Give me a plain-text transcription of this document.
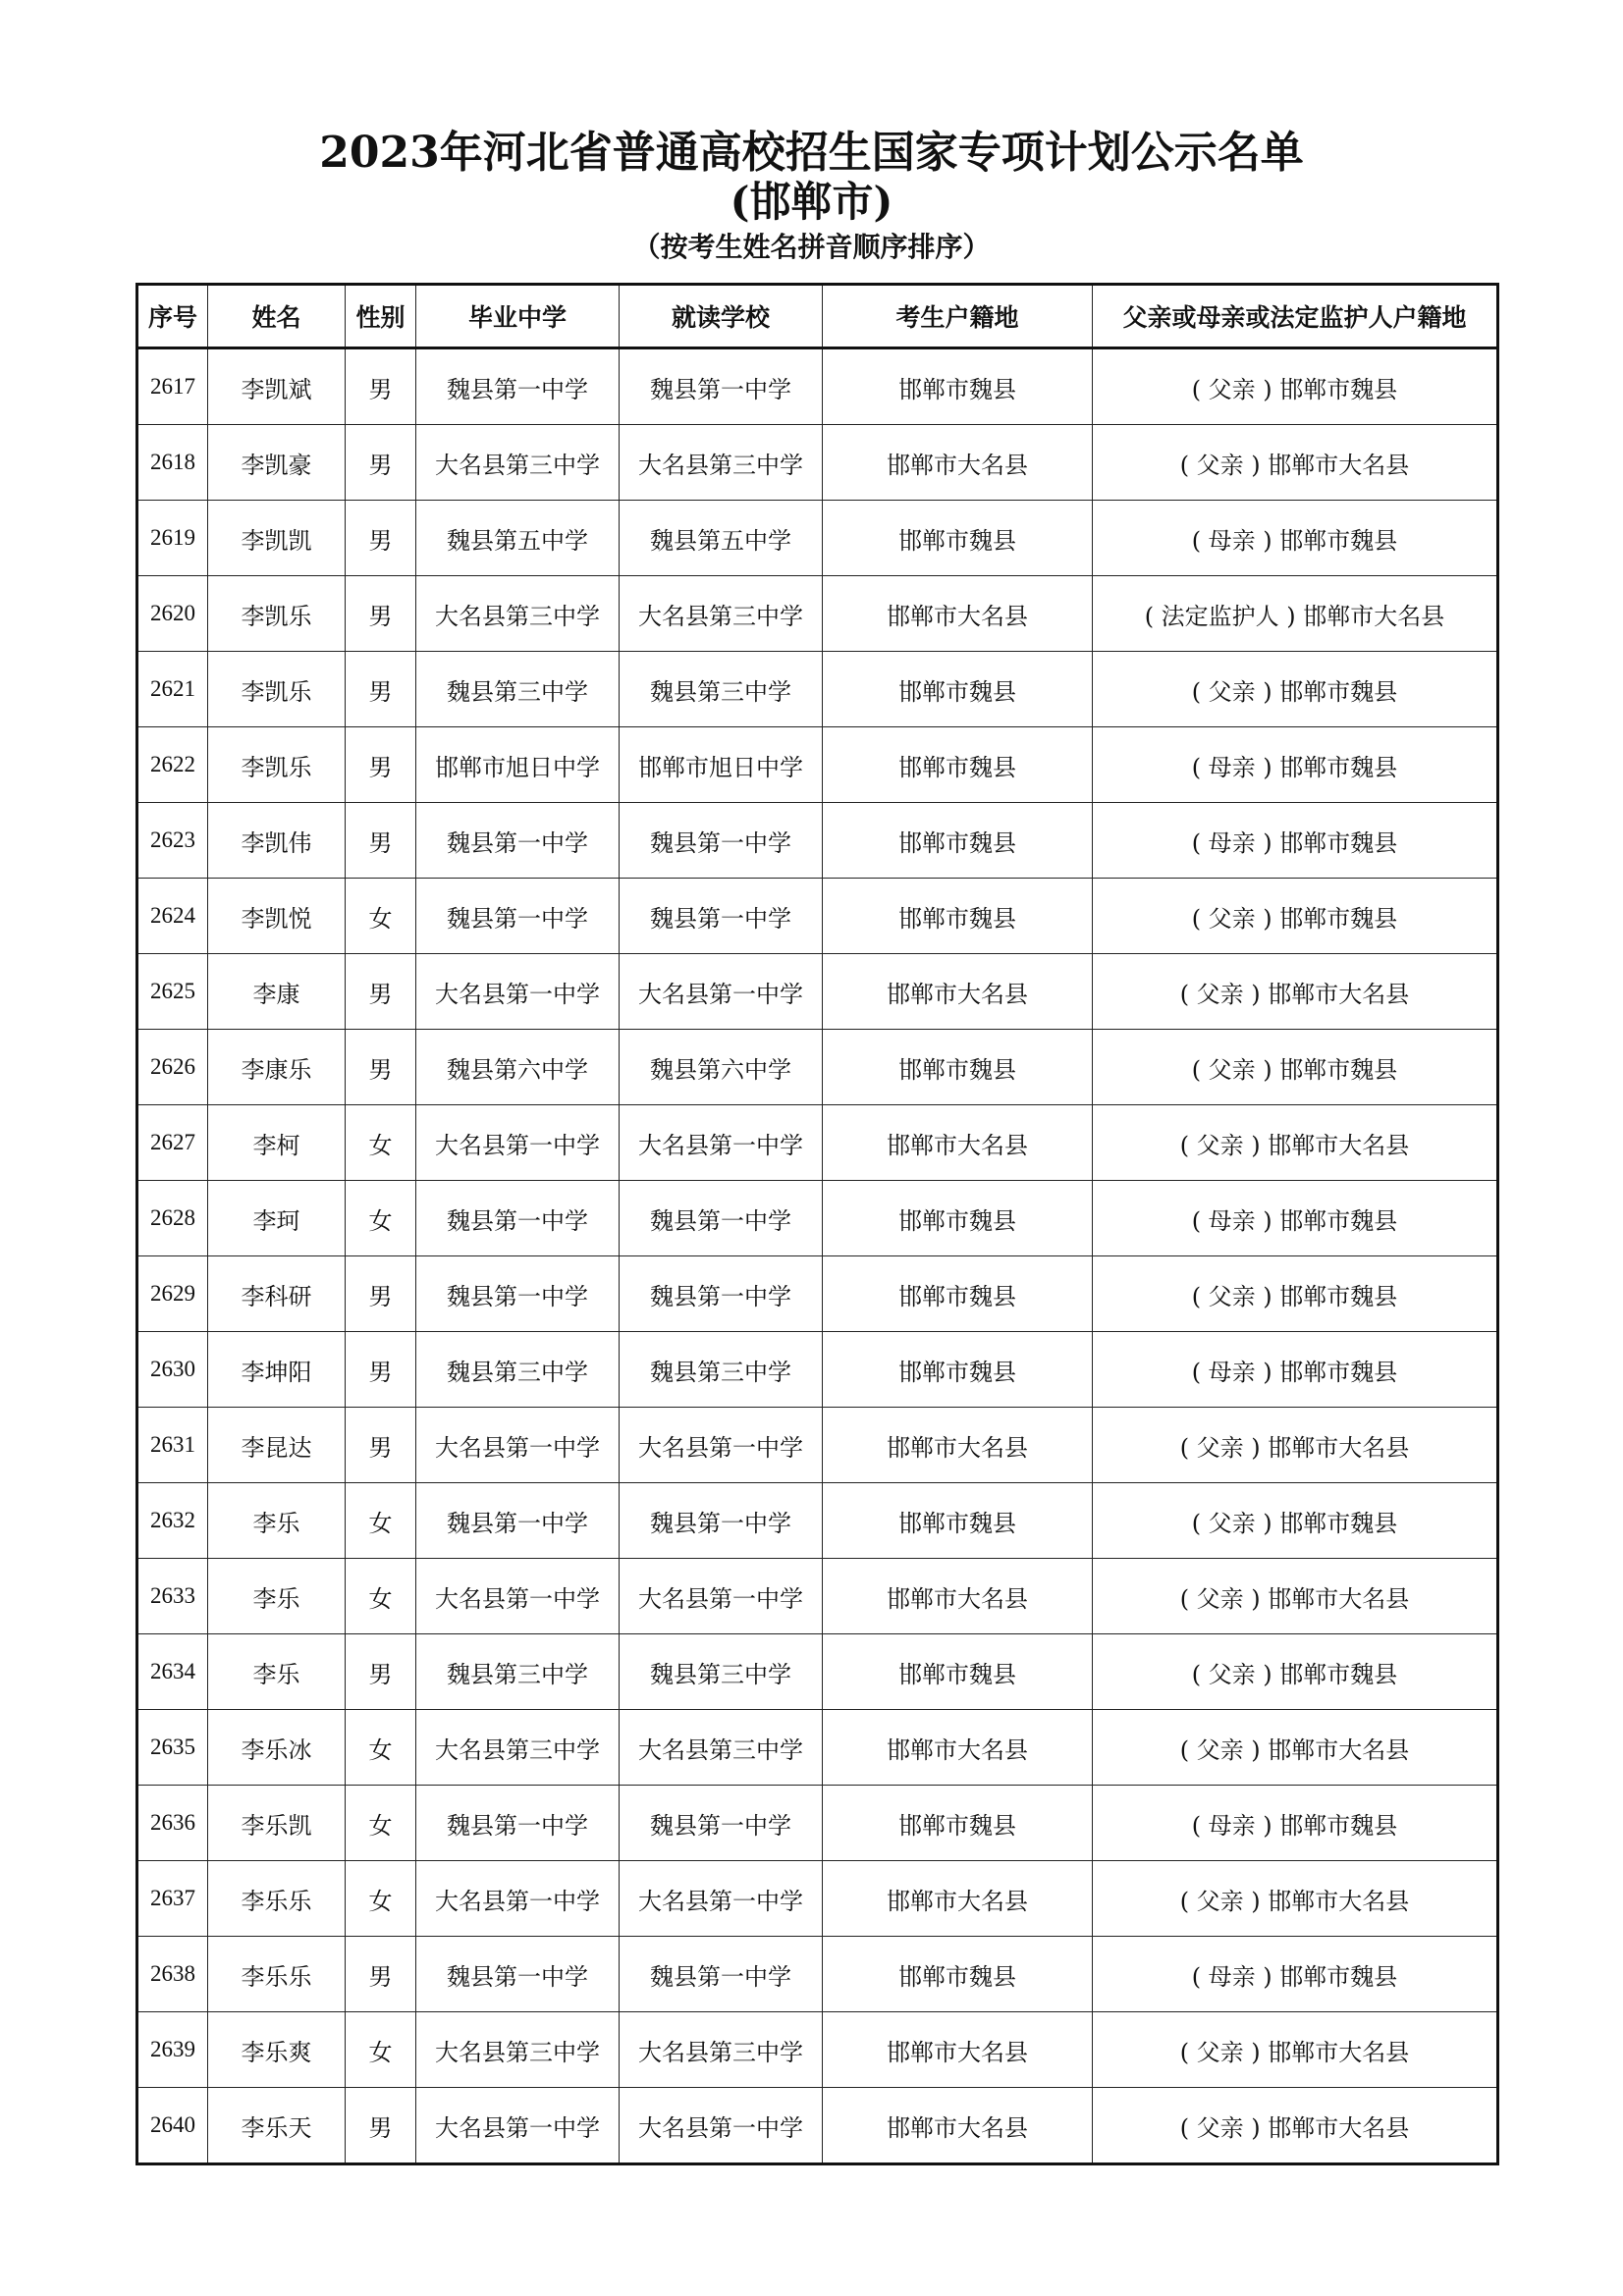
2023年河北省普通高校招生国家专项计划公示名单
(邯郸市)
（按考生姓名拼音顺序排序）
序号	姓名	性别	毕业中学	就读学校	考生户籍地	父亲或母亲或法定监护人户籍地
2617	李凯斌	男	魏县第一中学	魏县第一中学	邯郸市魏县	( 父亲 ) 邯郸市魏县
2618	李凯豪	男	大名县第三中学	大名县第三中学	邯郸市大名县	( 父亲 ) 邯郸市大名县
2619	李凯凯	男	魏县第五中学	魏县第五中学	邯郸市魏县	( 母亲 ) 邯郸市魏县
2620	李凯乐	男	大名县第三中学	大名县第三中学	邯郸市大名县	( 法定监护人 ) 邯郸市大名县
2621	李凯乐	男	魏县第三中学	魏县第三中学	邯郸市魏县	( 父亲 ) 邯郸市魏县
2622	李凯乐	男	邯郸市旭日中学	邯郸市旭日中学	邯郸市魏县	( 母亲 ) 邯郸市魏县
2623	李凯伟	男	魏县第一中学	魏县第一中学	邯郸市魏县	( 母亲 ) 邯郸市魏县
2624	李凯悦	女	魏县第一中学	魏县第一中学	邯郸市魏县	( 父亲 ) 邯郸市魏县
2625	李康	男	大名县第一中学	大名县第一中学	邯郸市大名县	( 父亲 ) 邯郸市大名县
2626	李康乐	男	魏县第六中学	魏县第六中学	邯郸市魏县	( 父亲 ) 邯郸市魏县
2627	李柯	女	大名县第一中学	大名县第一中学	邯郸市大名县	( 父亲 ) 邯郸市大名县
2628	李珂	女	魏县第一中学	魏县第一中学	邯郸市魏县	( 母亲 ) 邯郸市魏县
2629	李科研	男	魏县第一中学	魏县第一中学	邯郸市魏县	( 父亲 ) 邯郸市魏县
2630	李坤阳	男	魏县第三中学	魏县第三中学	邯郸市魏县	( 母亲 ) 邯郸市魏县
2631	李昆达	男	大名县第一中学	大名县第一中学	邯郸市大名县	( 父亲 ) 邯郸市大名县
2632	李乐	女	魏县第一中学	魏县第一中学	邯郸市魏县	( 父亲 ) 邯郸市魏县
2633	李乐	女	大名县第一中学	大名县第一中学	邯郸市大名县	( 父亲 ) 邯郸市大名县
2634	李乐	男	魏县第三中学	魏县第三中学	邯郸市魏县	( 父亲 ) 邯郸市魏县
2635	李乐冰	女	大名县第三中学	大名县第三中学	邯郸市大名县	( 父亲 ) 邯郸市大名县
2636	李乐凯	女	魏县第一中学	魏县第一中学	邯郸市魏县	( 母亲 ) 邯郸市魏县
2637	李乐乐	女	大名县第一中学	大名县第一中学	邯郸市大名县	( 父亲 ) 邯郸市大名县
2638	李乐乐	男	魏县第一中学	魏县第一中学	邯郸市魏县	( 母亲 ) 邯郸市魏县
2639	李乐爽	女	大名县第三中学	大名县第三中学	邯郸市大名县	( 父亲 ) 邯郸市大名县
2640	李乐天	男	大名县第一中学	大名县第一中学	邯郸市大名县	( 父亲 ) 邯郸市大名县
